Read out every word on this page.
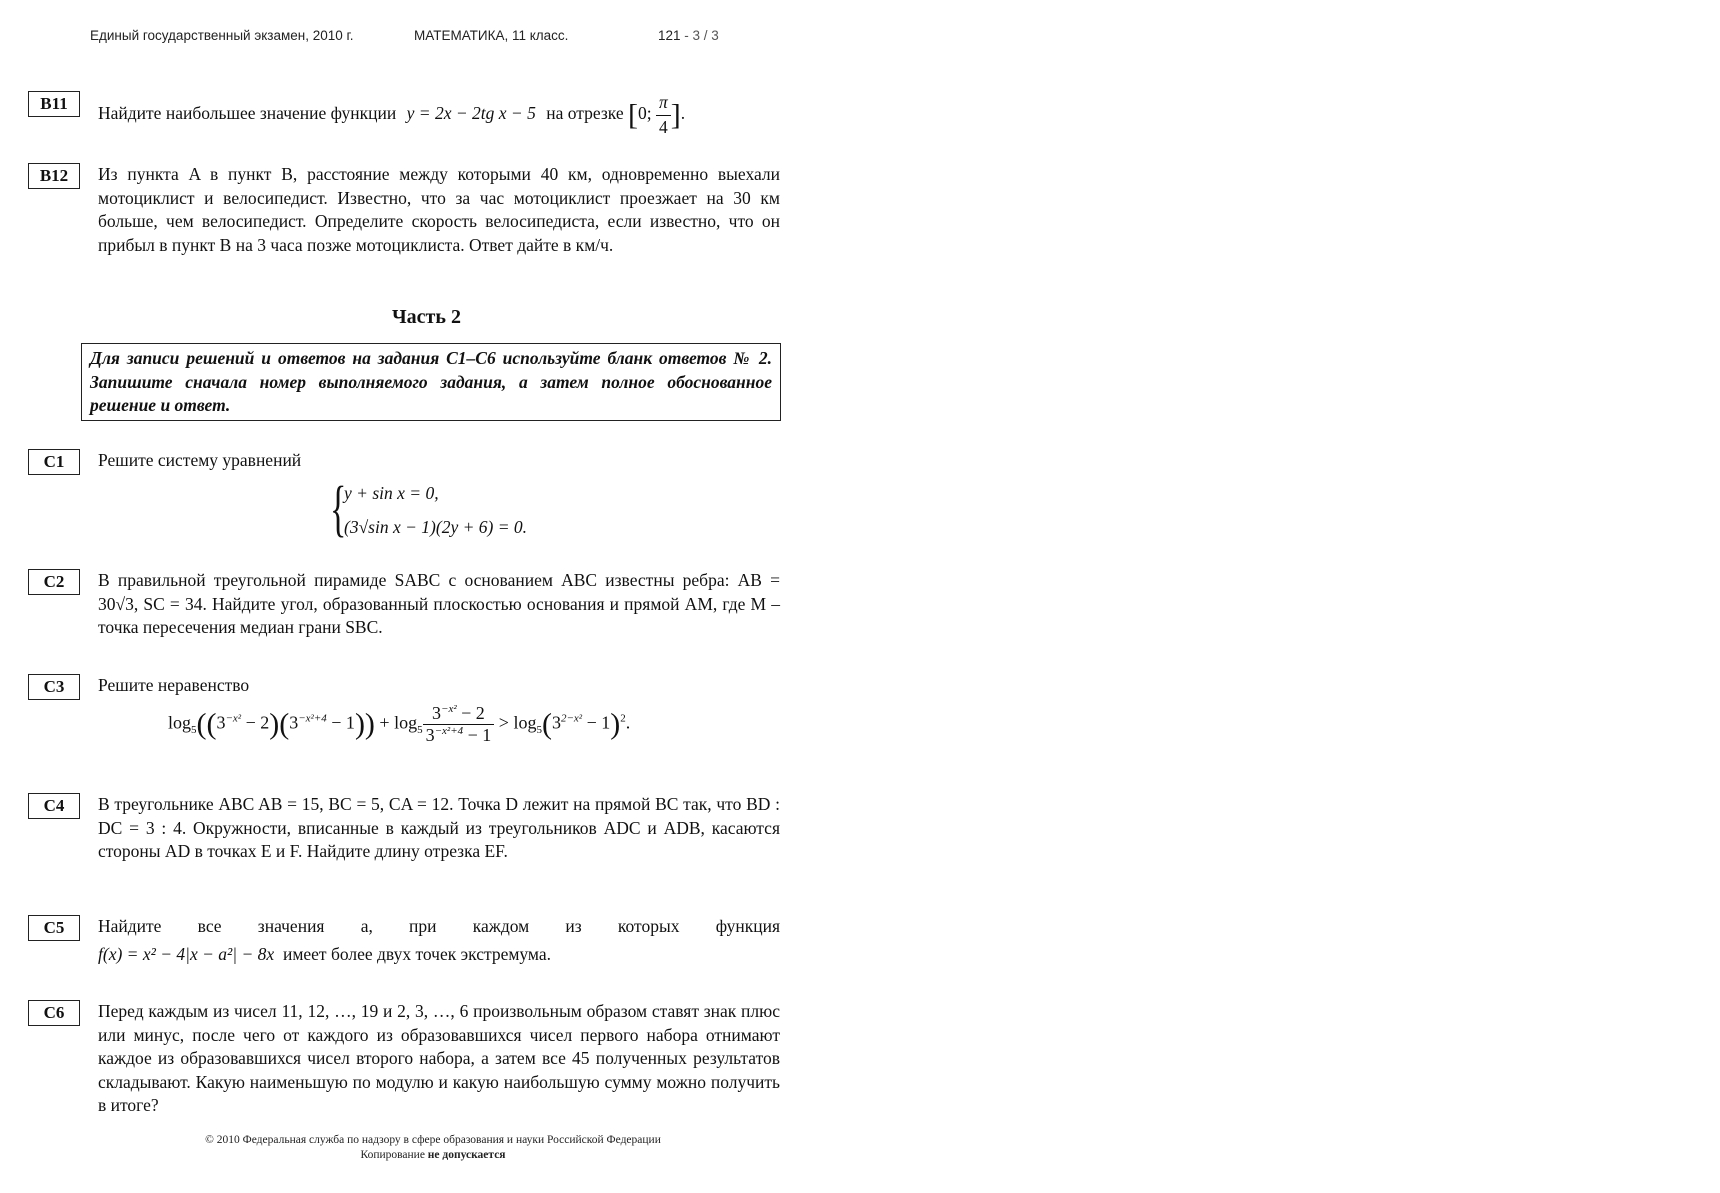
Единый государственный экзамен, 2010 г.	МАТЕМАТИКА, 11 класс.	121 - 3 / 3
B11	Найдите наибольшее значение функции y = 2x − 2tg x − 5 на отрезке [0; $\frac{\pi}{4}$ ].
B12	Из пункта A в пункт B, расстояние между которыми 40 км, одновременно выехали мотоциклист и велосипедист. Известно, что за час мотоциклист проезжает на 30 км больше, чем велосипедист. Определите скорость велосипедиста, если известно, что он прибыл в пункт B на 3 часа позже мотоциклиста. Ответ дайте в км/ч.
Часть 2
Для записи решений и ответов на задания C1–C6 используйте бланк ответов № 2. Запишите сначала номер выполняемого задания, а затем полное обоснованное решение и ответ.
C1	Решите систему уравнений
{
y + sin x = 0,
(3√sin x − 1)(2y + 6) = 0.
C2	В правильной треугольной пирамиде SABC с основанием ABC известны ребра: AB = 30√3, SC = 34. Найдите угол, образованный плоскостью основания и прямой AM, где M – точка пересечения медиан грани SBC.
C3	Решите неравенство
$\log_5((3^{-x^2} - 2)(3^{-x^2+4} - 1)) + \log_5 \frac{3^{-x^2} - 2}{3^{-x^2+4} - 1} > \log_5(3^{2-x^2} - 1)^2$.
C4	В треугольнике ABC AB = 15, BC = 5, CA = 12. Точка D лежит на прямой BC так, что BD : DC = 3 : 4. Окружности, вписанные в каждый из треугольников ADC и ADB, касаются стороны AD в точках E и F. Найдите длину отрезка EF.
C5	Найдите все значения a, при каждом из которых функция
f(x) = x² − 4|x − a²| − 8x имеет более двух точек экстремума.
C6	Перед каждым из чисел 11, 12, …, 19 и 2, 3, …, 6 произвольным образом ставят знак плюс или минус, после чего от каждого из образовавшихся чисел первого набора отнимают каждое из образовавшихся чисел второго набора, а затем все 45 полученных результатов складывают. Какую наименьшую по модулю и какую наибольшую сумму можно получить в итоге?
© 2010 Федеральная служба по надзору в сфере образования и науки Российской Федерации
Копирование не допускается
